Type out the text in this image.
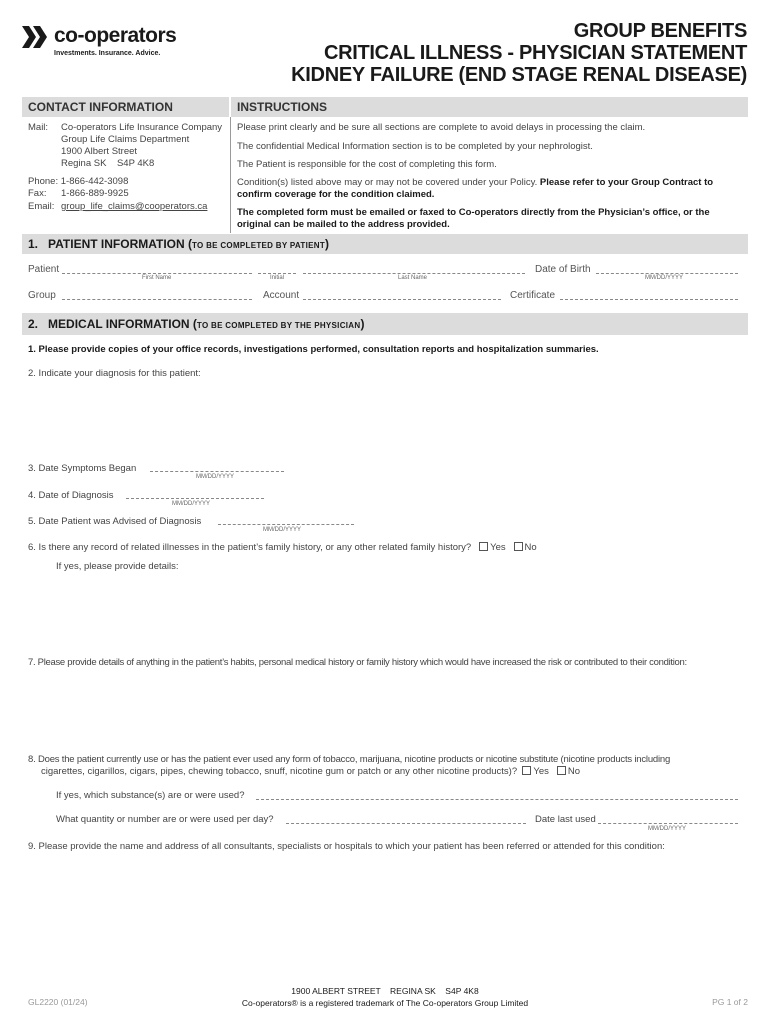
co-operators
Investments. Insurance. Advice.
GROUP BENEFITS
CRITICAL ILLNESS - PHYSICIAN STATEMENT
KIDNEY FAILURE (END STAGE RENAL DISEASE)
CONTACT INFORMATION	INSTRUCTIONS
Mail: Co-operators Life Insurance Company
Group Life Claims Department
1900 Albert Street
Regina SK    S4P 4K8
Phone: 1-866-442-3098
Fax: 1-866-889-9925
Email: group_life_claims@cooperators.ca

Please print clearly and be sure all sections are complete to avoid delays in processing the claim.

The confidential Medical Information section is to be completed by your nephrologist.

The Patient is responsible for the cost of completing this form.

Condition(s) listed above may or may not be covered under your Policy. Please refer to your Group Contract to confirm coverage for the condition claimed.

The completed form must be emailed or faxed to Co-operators directly from the Physician’s office, or the original can be mailed to the address provided.

1. PATIENT INFORMATION (TO BE COMPLETED BY PATIENT)
Patient
First Name	Initial	Last Name
Date of Birth
MM/DD/YYYY
Group	Account	Certificate
2. MEDICAL INFORMATION (TO BE COMPLETED BY THE PHYSICIAN)
1. Please provide copies of your office records, investigations performed, consultation reports and hospitalization summaries.
2. Indicate your diagnosis for this patient:
3. Date Symptoms Began
MM/DD/YYYY
4. Date of Diagnosis
MM/DD/YYYY
5. Date Patient was Advised of Diagnosis
MM/DD/YYYY
6. Is there any record of related illnesses in the patient’s family history, or any other related family history? Yes No
If yes, please provide details:
7. Please provide details of anything in the patient’s habits, personal medical history or family history which would have increased the risk or contributed to their condition:
8. Does the patient currently use or has the patient ever used any form of tobacco, marijuana, nicotine products or nicotine substitute (nicotine products including
cigarettes, cigarillos, cigars, pipes, chewing tobacco, snuff, nicotine gum or patch or any other nicotine products)? Yes No
If yes, which substance(s) are or were used?
What quantity or number are or were used per day?	Date last used
MM/DD/YYYY
9. Please provide the name and address of all consultants, specialists or hospitals to which your patient has been referred or attended for this condition:
1900 ALBERT STREET    REGINA SK    S4P 4K8
Co-operators® is a registered trademark of The Co-operators Group Limited
GL2220 (01/24)	PG 1 of 2
